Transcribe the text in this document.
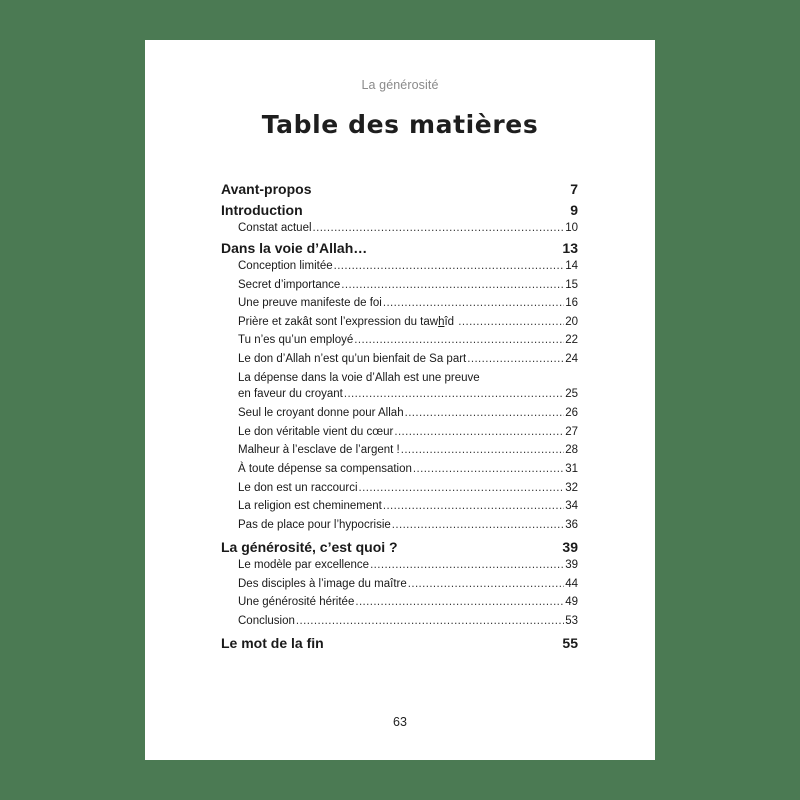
La générosité
Table des matières
Avant-propos	7
Introduction	9
Constat actuel .....	10
Dans la voie d’Allah…	13
Conception limitée .....	14
Secret d’importance .....	15
Une preuve manifeste de foi .....	16
Prière et zakât sont l’expression du tawhîd .....	20
Tu n’es qu’un employé .....	22
Le don d’Allah n’est qu’un bienfait de Sa part .....	24
La dépense dans la voie d’Allah est une preuve
en faveur du croyant .....	25
Seul le croyant donne pour Allah .....	26
Le don véritable vient du cœur .....	27
Malheur à l’esclave de l’argent ! .....	28
À toute dépense sa compensation .....	31
Le don est un raccourci .....	32
La religion est cheminement .....	34
Pas de place pour l’hypocrisie .....	36
La générosité, c’est quoi ?	39
Le modèle par excellence .....	39
Des disciples à l’image du maître .....	44
Une générosité héritée .....	49
Conclusion .....	53
Le mot de la fin	55
63
